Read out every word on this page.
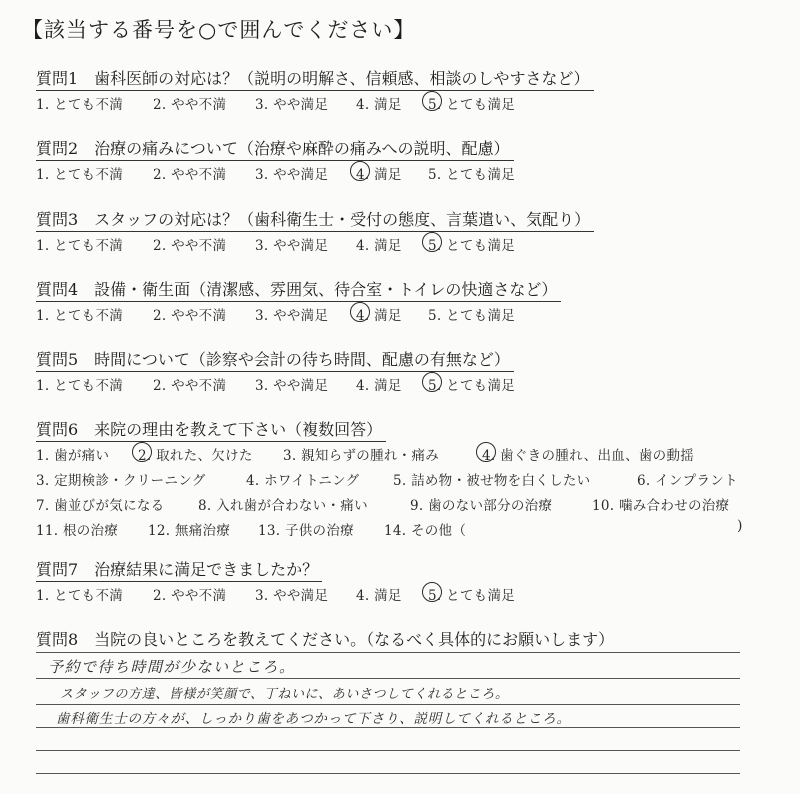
【該当する番号を○で囲んでください】
質問1　歯科医師の対応は？（説明の明解さ、信頼感、相談のしやすさなど）
1. とても不満 2. やや不満 3. やや満足 4. 満足 5. とても満足
質問2　治療の痛みについて（治療や麻酔の痛みへの説明、配慮）
1. とても不満 2. やや不満 3. やや満足 4. 満足 5. とても満足
質問3　スタッフの対応は？（歯科衛生士・受付の態度、言葉遣い、気配り）
1. とても不満 2. やや不満 3. やや満足 4. 満足 5. とても満足
質問4　設備・衛生面（清潔感、雰囲気、待合室・トイレの快適さなど）
1. とても不満 2. やや不満 3. やや満足 4. 満足 5. とても満足
質問5　時間について（診察や会計の待ち時間、配慮の有無など）
1. とても不満 2. やや不満 3. やや満足 4. 満足 5. とても満足
質問6　来院の理由を教えて下さい（複数回答）
1. 歯が痛い 2. 取れた、欠けた 3. 親知らずの腫れ・痛み	4. 歯ぐきの腫れ、出血、歯の動揺
3. 定期検診・クリーニング	4. ホワイトニング 5. 詰め物・被せ物を白くしたい	6. インプラント
7. 歯並びが気になる 8. 入れ歯が合わない・痛い	9. 歯のない部分の治療	10. 噛み合わせの治療
11. 根の治療 12. 無痛治療 13. 子供の治療 14. その他（	)
質問7　治療結果に満足できましたか？
1. とても不満 2. やや不満 3. やや満足 4. 満足 5. とても満足
質問8　当院の良いところを教えてください。（なるべく具体的にお願いします）
予約で待ち時間が少ないところ。
スタッフの方達、皆様が笑顔で、丁ねいに、あいさつしてくれるところ。
歯科衛生士の方々が、しっかり歯をあつかって下さり、説明してくれるところ。
